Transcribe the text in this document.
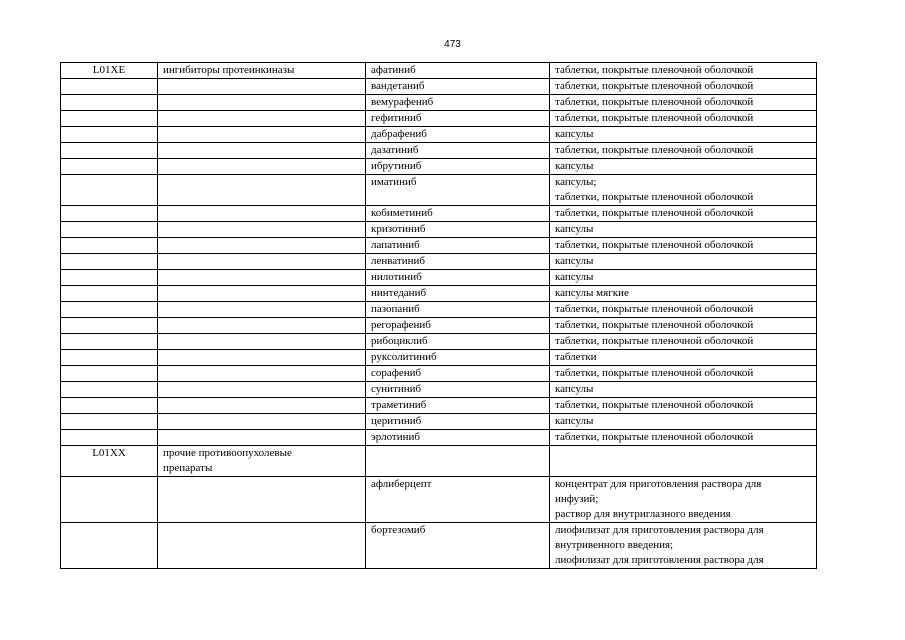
473
L01XE	ингибиторы протеинкиназы	афатиниб	таблетки, покрытые пленочной оболочкой
		вандетаниб	таблетки, покрытые пленочной оболочкой
		вемурафениб	таблетки, покрытые пленочной оболочкой
		гефитиниб	таблетки, покрытые пленочной оболочкой
		дабрафениб	капсулы
		дазатиниб	таблетки, покрытые пленочной оболочкой
		ибрутиниб	капсулы
		иматиниб	капсулы;
таблетки, покрытые пленочной оболочкой
		кобиметиниб	таблетки, покрытые пленочной оболочкой
		кризотиниб	капсулы
		лапатиниб	таблетки, покрытые пленочной оболочкой
		ленватиниб	капсулы
		нилотиниб	капсулы
		нинтеданиб	капсулы мягкие
		пазопаниб	таблетки, покрытые пленочной оболочкой
		регорафениб	таблетки, покрытые пленочной оболочкой
		рибоциклиб	таблетки, покрытые пленочной оболочкой
		руксолитиниб	таблетки
		сорафениб	таблетки, покрытые пленочной оболочкой
		сунитиниб	капсулы
		траметиниб	таблетки, покрытые пленочной оболочкой
		церитиниб	капсулы
		эрлотиниб	таблетки, покрытые пленочной оболочкой
L01XX	прочие противоопухолевые
препараты		
		афлиберцепт	концентрат для приготовления раствора для
инфузий;
раствор для внутриглазного введения
		бортезомиб	лиофилизат для приготовления раствора для
внутривенного введения;
лиофилизат для приготовления раствора для
